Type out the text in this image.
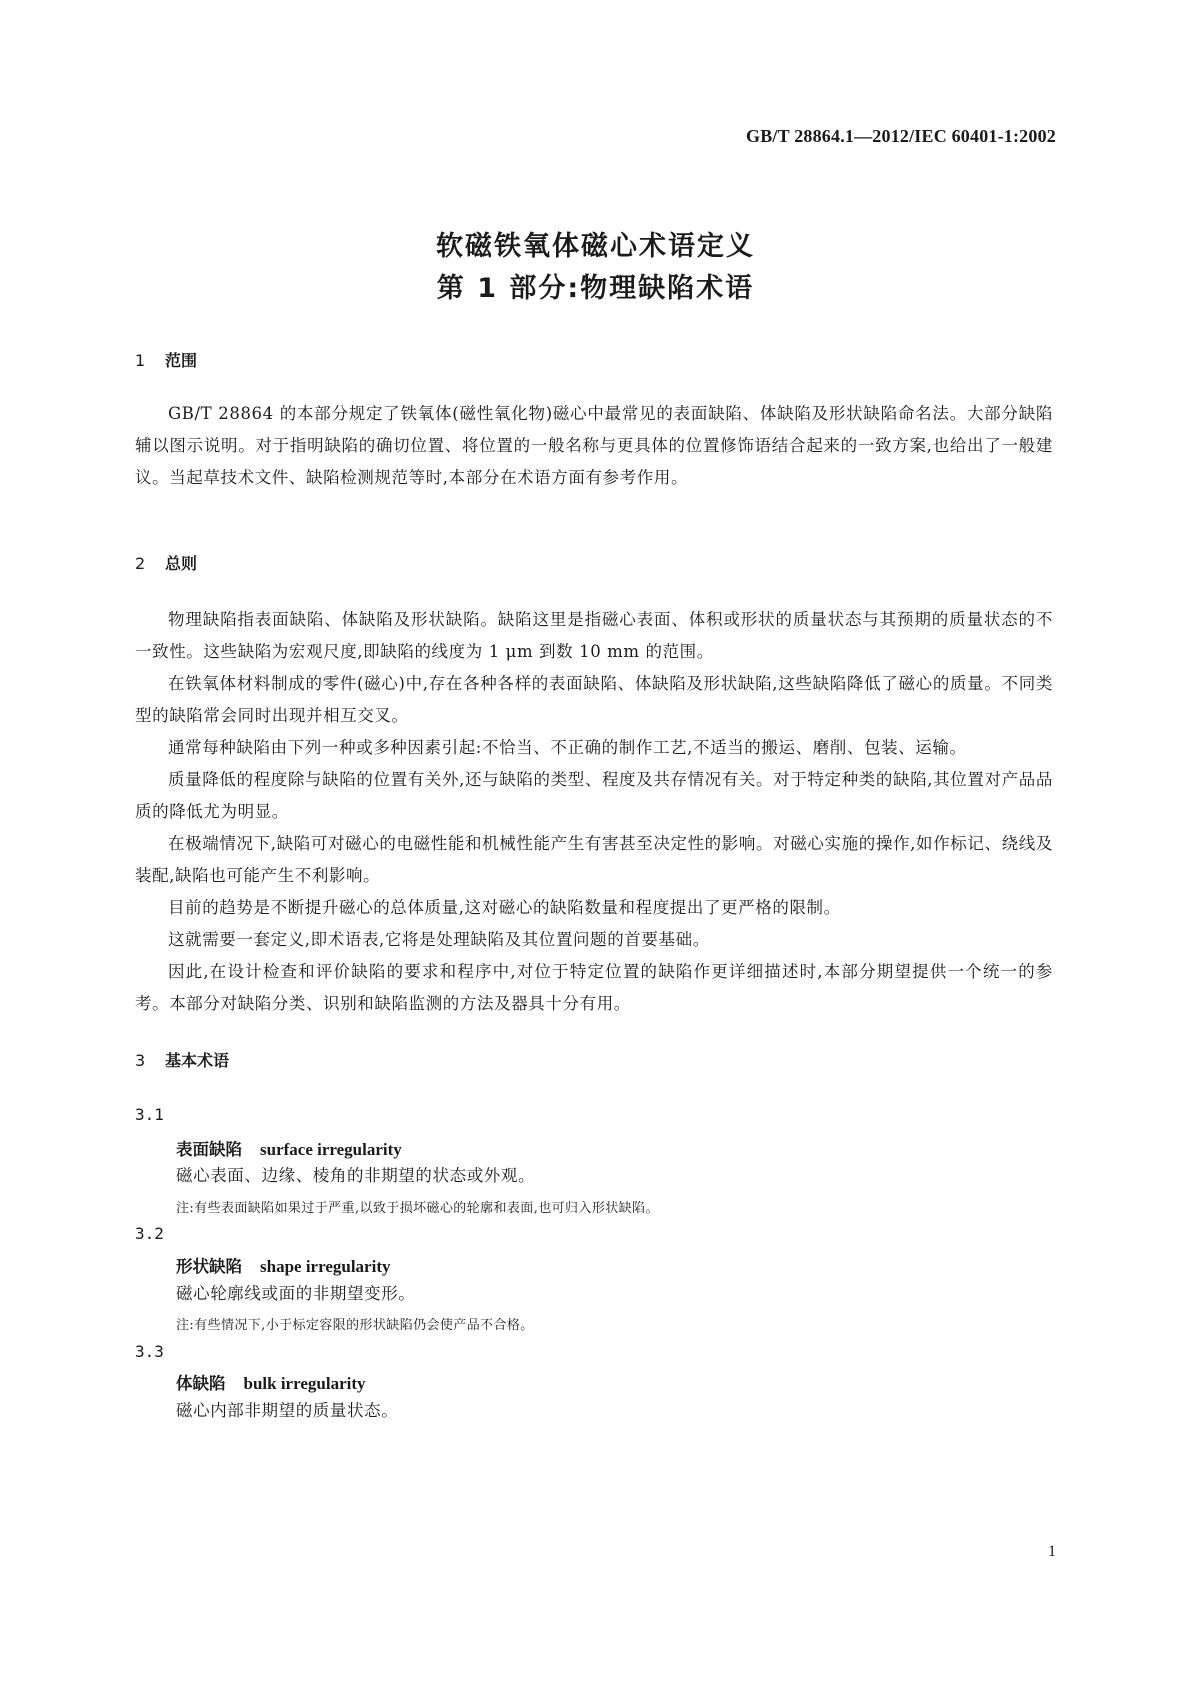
GB/T 28864.1—2012/IEC 60401-1:2002
软磁铁氧体磁心术语定义
第 1 部分:物理缺陷术语
1 范围

GB/T 28864 的本部分规定了铁氧体(磁性氧化物)磁心中最常见的表面缺陷、体缺陷及形状缺陷命名法。大部分缺陷辅以图示说明。对于指明缺陷的确切位置、将位置的一般名称与更具体的位置修饰语结合起来的一致方案,也给出了一般建议。当起草技术文件、缺陷检测规范等时,本部分在术语方面有参考作用。

2 总则

物理缺陷指表面缺陷、体缺陷及形状缺陷。缺陷这里是指磁心表面、体积或形状的质量状态与其预期的质量状态的不一致性。这些缺陷为宏观尺度,即缺陷的线度为 1 μm 到数 10 mm 的范围。

在铁氧体材料制成的零件(磁心)中,存在各种各样的表面缺陷、体缺陷及形状缺陷,这些缺陷降低了磁心的质量。不同类型的缺陷常会同时出现并相互交叉。

通常每种缺陷由下列一种或多种因素引起:不恰当、不正确的制作工艺,不适当的搬运、磨削、包装、运输。

质量降低的程度除与缺陷的位置有关外,还与缺陷的类型、程度及共存情况有关。对于特定种类的缺陷,其位置对产品品质的降低尤为明显。

在极端情况下,缺陷可对磁心的电磁性能和机械性能产生有害甚至决定性的影响。对磁心实施的操作,如作标记、绕线及装配,缺陷也可能产生不利影响。

目前的趋势是不断提升磁心的总体质量,这对磁心的缺陷数量和程度提出了更严格的限制。

这就需要一套定义,即术语表,它将是处理缺陷及其位置问题的首要基础。

因此,在设计检查和评价缺陷的要求和程序中,对位于特定位置的缺陷作更详细描述时,本部分期望提供一个统一的参考。本部分对缺陷分类、识别和缺陷监测的方法及器具十分有用。

3 基本术语
3.1
表面缺陷 surface irregularity
磁心表面、边缘、棱角的非期望的状态或外观。
注:有些表面缺陷如果过于严重,以致于损坏磁心的轮廓和表面,也可归入形状缺陷。
3.2
形状缺陷 shape irregularity
磁心轮廓线或面的非期望变形。
注:有些情况下,小于标定容限的形状缺陷仍会使产品不合格。
3.3
体缺陷 bulk irregularity
磁心内部非期望的质量状态。
1
